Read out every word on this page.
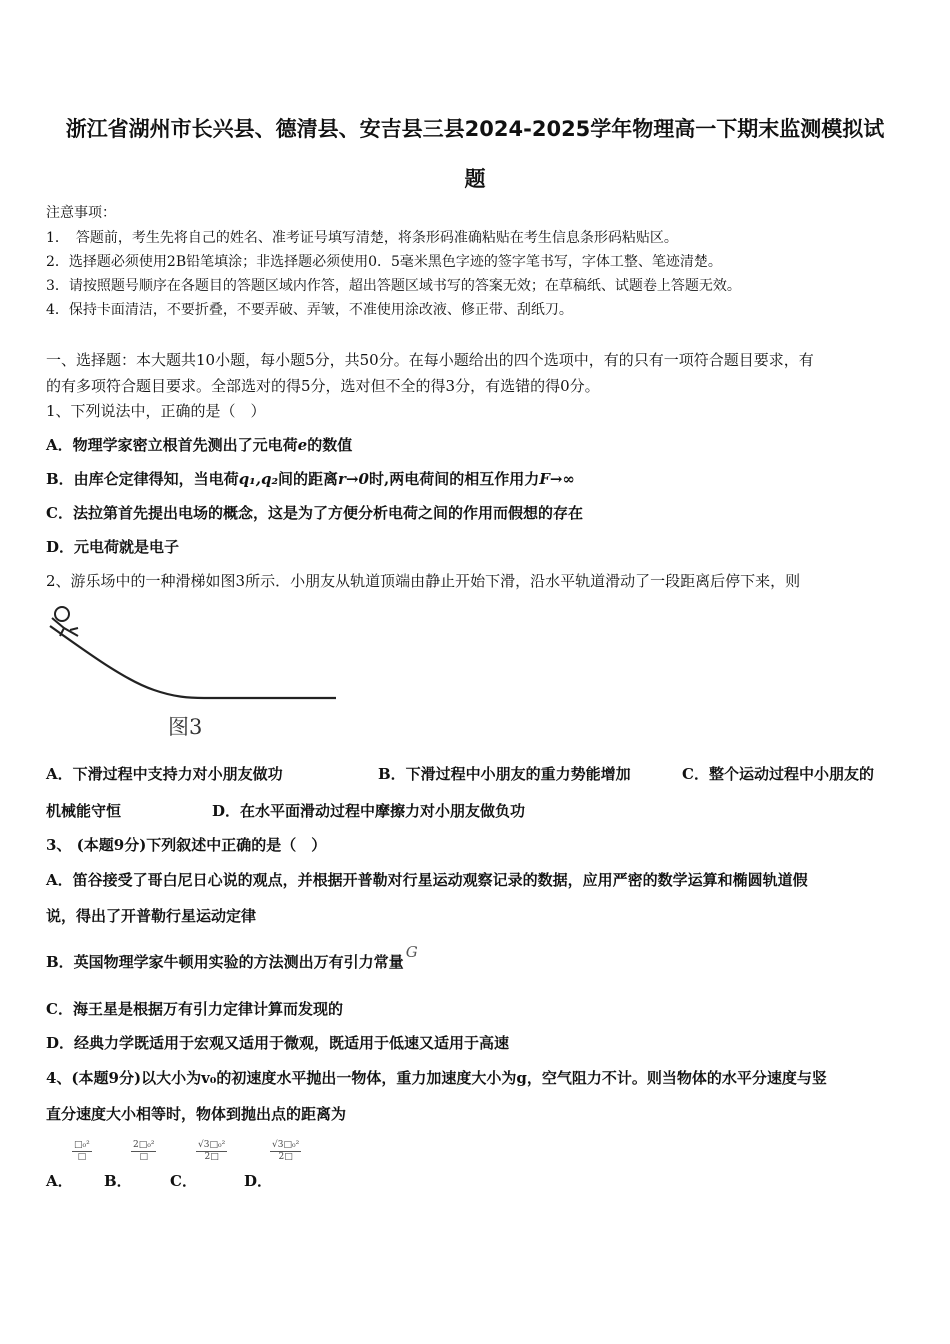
浙江省湖州市长兴县、德清县、安吉县三县2024-2025学年物理高一下期末监测模拟试
题
注意事项：
1．　答题前，考生先将自己的姓名、准考证号填写清楚，将条形码准确粘贴在考生信息条形码粘贴区。
2．选择题必须使用2B铅笔填涂；非选择题必须使用0．5毫米黑色字迹的签字笔书写，字体工整、笔迹清楚。
3．请按照题号顺序在各题目的答题区域内作答，超出答题区域书写的答案无效；在草稿纸、试题卷上答题无效。
4．保持卡面清洁，不要折叠，不要弄破、弄皱，不准使用涂改液、修正带、刮纸刀。
一、选择题：本大题共10小题，每小题5分，共50分。在每小题给出的四个选项中，有的只有一项符合题目要求，有
的有多项符合题目要求。全部选对的得5分，选对但不全的得3分，有选错的得0分。
1、下列说法中，正确的是（　）
A．物理学家密立根首先测出了元电荷e的数值
B．由库仑定律得知，当电荷q₁,q₂间的距离r→0时,两电荷间的相互作用力F→∞
C．法拉第首先提出电场的概念，这是为了方便分析电荷之间的作用而假想的存在
D．元电荷就是电子
2、游乐场中的一种滑梯如图3所示．小朋友从轨道顶端由静止开始下滑，沿水平轨道滑动了一段距离后停下来，则
图3
A．下滑过程中支持力对小朋友做功	B．下滑过程中小朋友的重力势能增加	C．整个运动过程中小朋友的
机械能守恒	D．在水平面滑动过程中摩擦力对小朋友做负功
3、 (本题9分)下列叙述中正确的是（　）
A．笛谷接受了哥白尼日心说的观点，并根据开普勒对行星运动观察记录的数据，应用严密的数学运算和椭圆轨道假
说，得出了开普勒行星运动定律
B．英国物理学家牛顿用实验的方法测出万有引力常量G
C．海王星是根据万有引力定律计算而发现的
D．经典力学既适用于宏观又适用于微观，既适用于低速又适用于高速
4、(本题9分)以大小为v₀的初速度水平抛出一物体，重力加速度大小为g，空气阻力不计。则当物体的水平分速度与竖
直分速度大小相等时，物体到抛出点的距离为
A．
□₀²
□
B．
2□₀²
□
C．
$\frac{\text{√3□₀²}}{2□}$
D．
$\frac{\text{√3□₀²}}{2□}$
